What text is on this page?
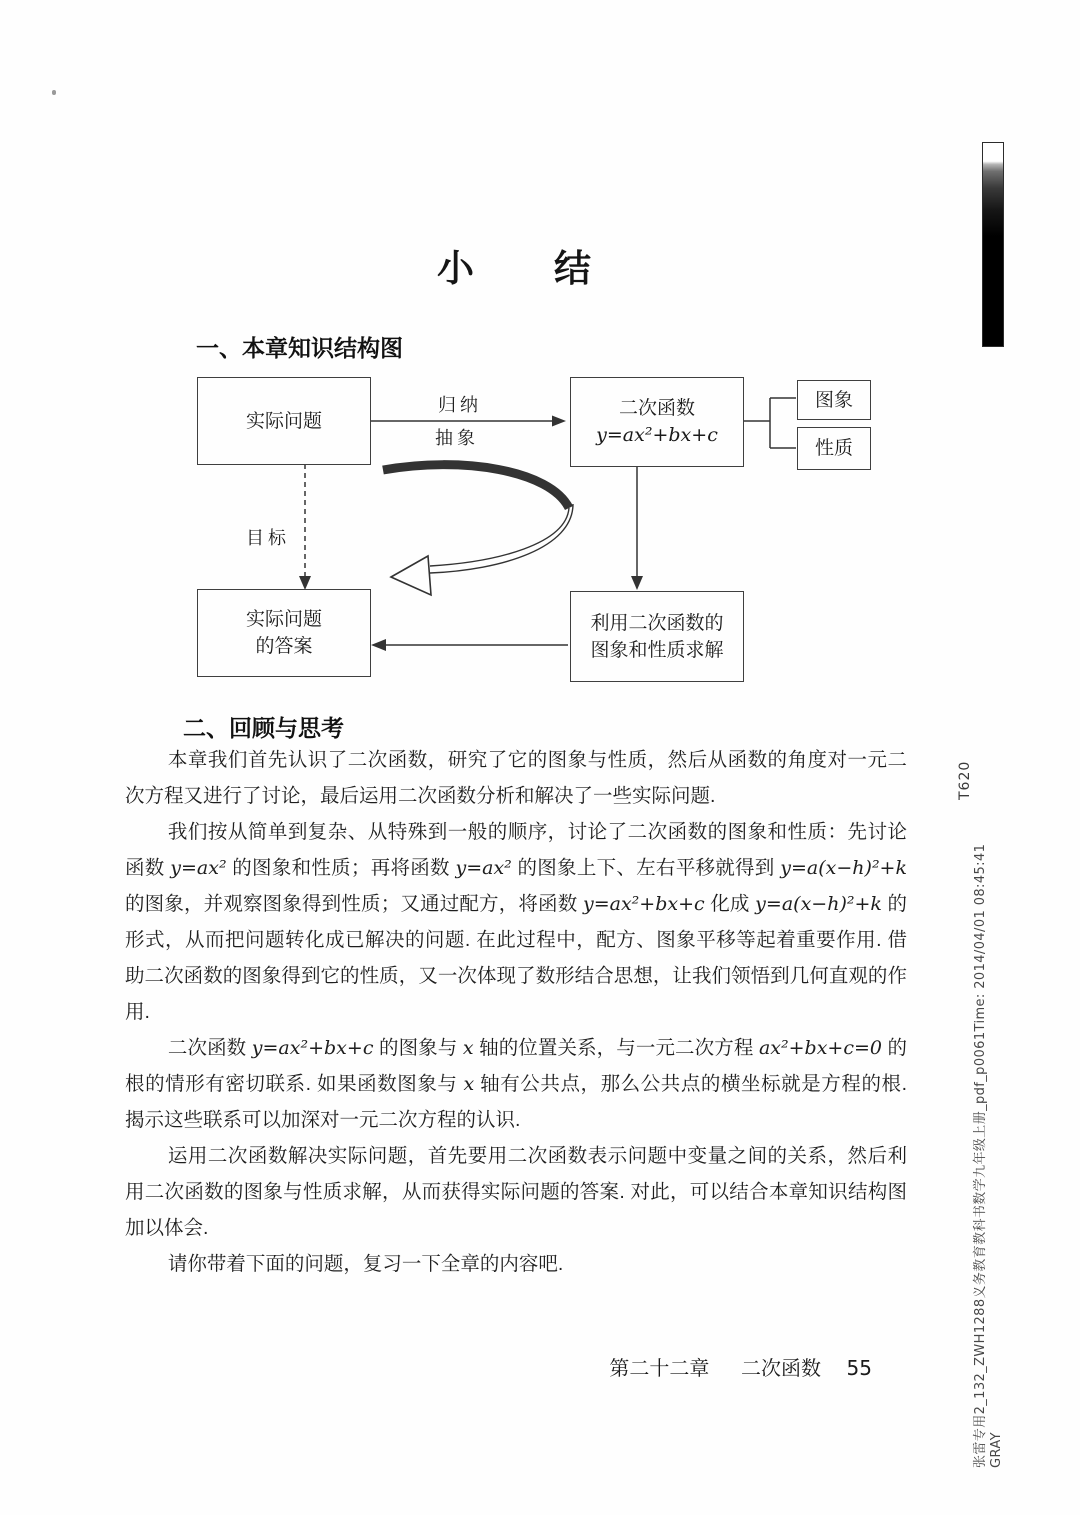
小　　结
一、本章知识结构图
实际问题
二次函数
y=ax²+bx+c
图象
性质
实际问题
的答案
利用二次函数的
图象和性质求解
归纳
抽象
目标
二、回顾与思考

本章我们首先认识了二次函数，研究了它的图象与性质，然后从函数的角度对一元二次方程又进行了讨论，最后运用二次函数分析和解决了一些实际问题.

我们按从简单到复杂、从特殊到一般的顺序，讨论了二次函数的图象和性质：先讨论函数 y=ax² 的图象和性质；再将函数 y=ax² 的图象上下、左右平移就得到 y=a(x−h)²+k 的图象，并观察图象得到性质；又通过配方，将函数 y=ax²+bx+c 化成 y=a(x−h)²+k 的形式，从而把问题转化成已解决的问题. 在此过程中，配方、图象平移等起着重要作用. 借助二次函数的图象得到它的性质，又一次体现了数形结合思想，让我们领悟到几何直观的作用.

二次函数 y=ax²+bx+c 的图象与 x 轴的位置关系，与一元二次方程 ax²+bx+c=0 的根的情形有密切联系. 如果函数图象与 x 轴有公共点，那么公共点的横坐标就是方程的根. 揭示这些联系可以加深对一元二次方程的认识.

运用二次函数解决实际问题，首先要用二次函数表示问题中变量之间的关系，然后利用二次函数的图象与性质求解，从而获得实际问题的答案. 对此，可以结合本章知识结构图加以体会.

请你带着下面的问题，复习一下全章的内容吧.

第二十二章 二次函数 55
T620
张雷专用2_132_ZWH1288义务教育教科书数学九年级上册_pdf_p0061Time: 2014/04/01 08:45:41 GRAY
